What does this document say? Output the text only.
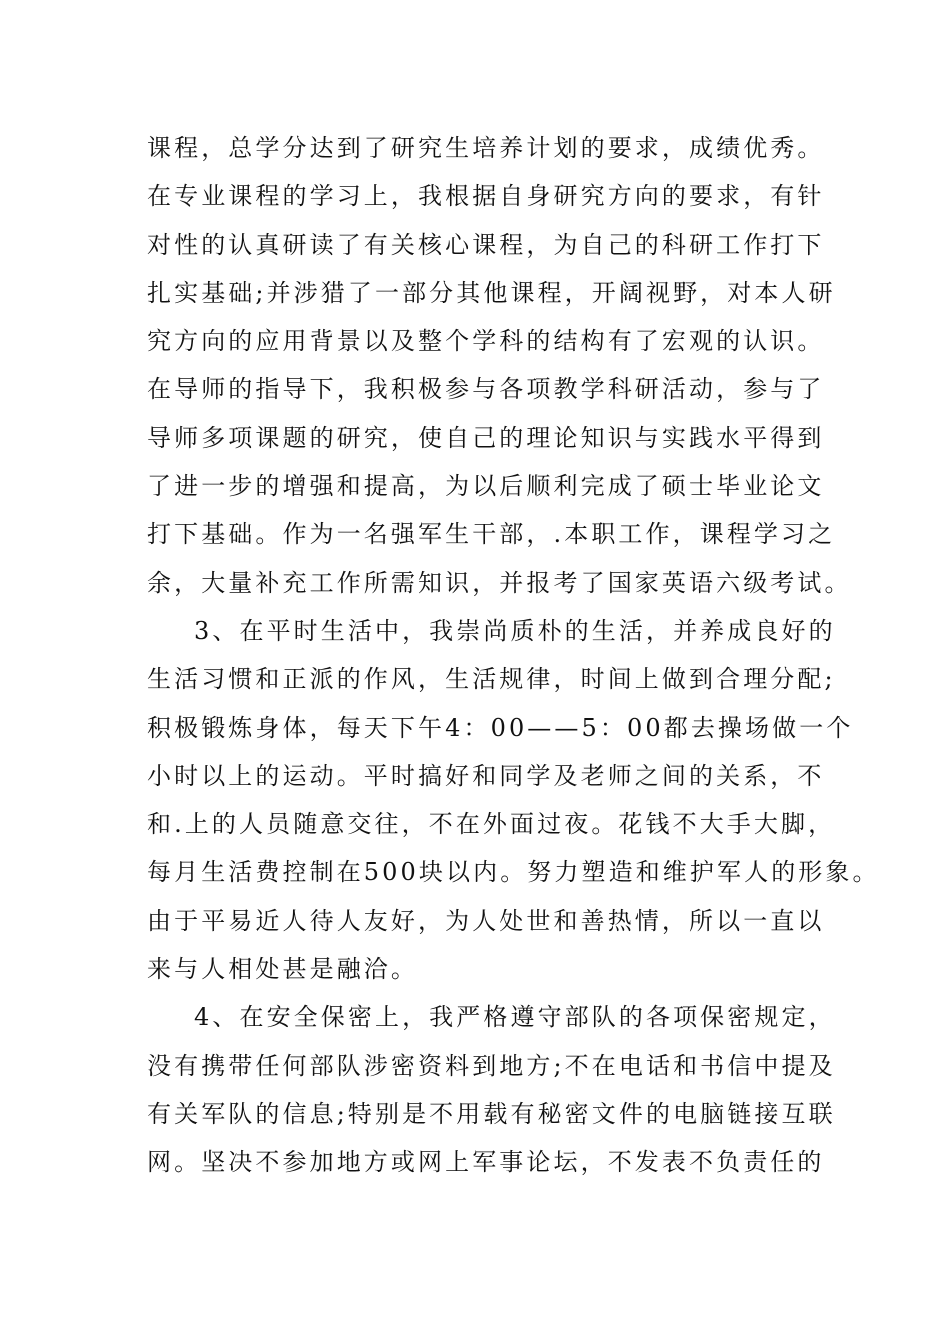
课程，总学分达到了研究生培养计划的要求，成绩优秀。
在专业课程的学习上，我根据自身研究方向的要求，有针
对性的认真研读了有关核心课程，为自己的科研工作打下
扎实基础;并涉猎了一部分其他课程，开阔视野，对本人研
究方向的应用背景以及整个学科的结构有了宏观的认识。
在导师的指导下，我积极参与各项教学科研活动，参与了
导师多项课题的研究，使自己的理论知识与实践水平得到
了进一步的增强和提高，为以后顺利完成了硕士毕业论文
打下基础。作为一名强军生干部，.本职工作，课程学习之
余，大量补充工作所需知识，并报考了国家英语六级考试。
3、在平时生活中，我崇尚质朴的生活，并养成良好的
生活习惯和正派的作风，生活规律，时间上做到合理分配;
积极锻炼身体，每天下午4：00——5：00都去操场做一个
小时以上的运动。平时搞好和同学及老师之间的关系，不
和.上的人员随意交往，不在外面过夜。花钱不大手大脚，
每月生活费控制在500块以内。努力塑造和维护军人的形象。
由于平易近人待人友好，为人处世和善热情，所以一直以
来与人相处甚是融洽。
4、在安全保密上，我严格遵守部队的各项保密规定，
没有携带任何部队涉密资料到地方;不在电话和书信中提及
有关军队的信息;特别是不用载有秘密文件的电脑链接互联
网。坚决不参加地方或网上军事论坛，不发表不负责任的
